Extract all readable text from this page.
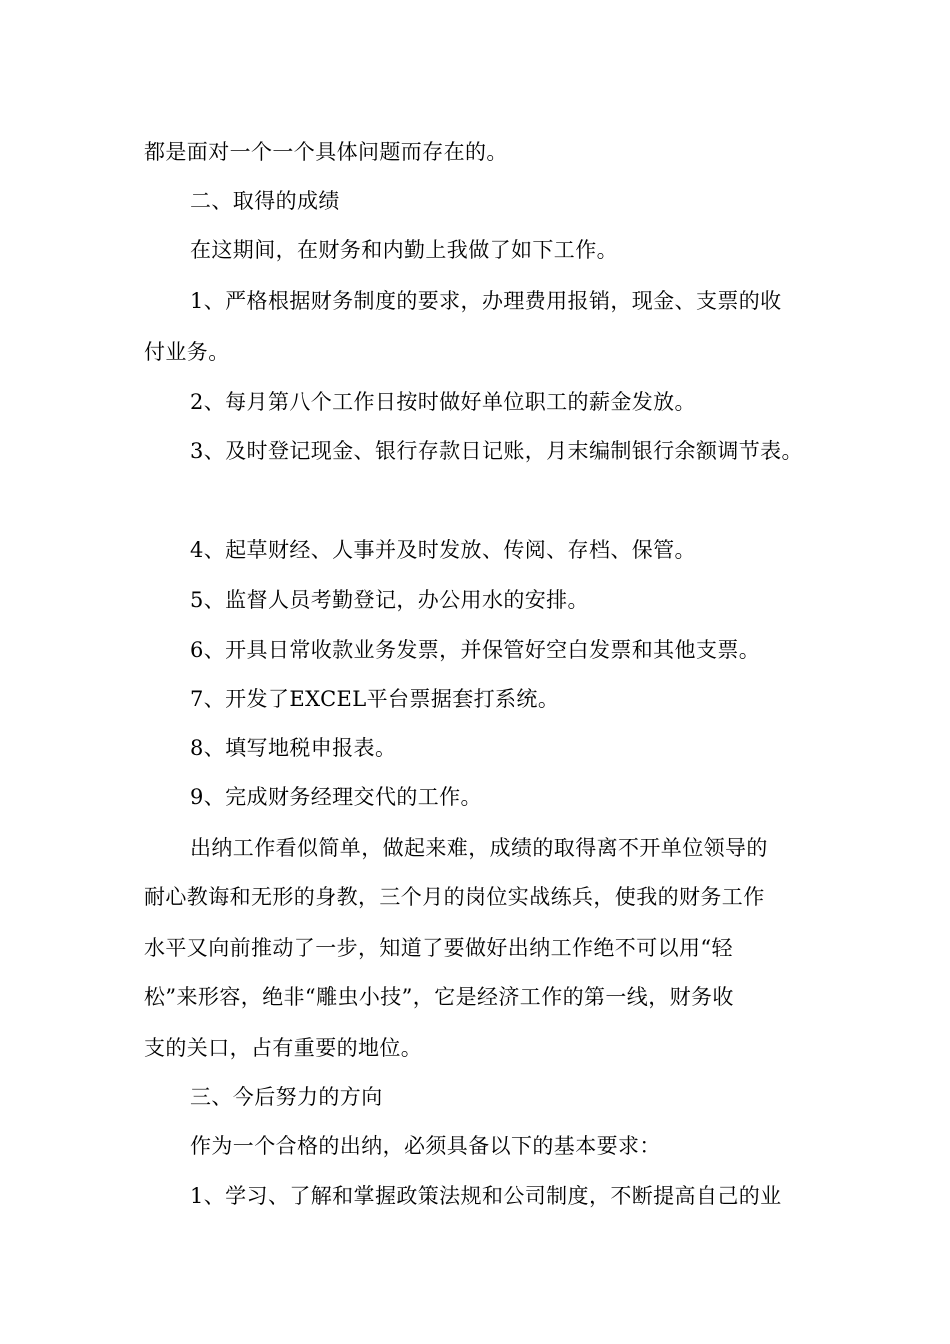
都是面对一个一个具体问题而存在的。
二、取得的成绩
在这期间，在财务和内勤上我做了如下工作。
1、严格根据财务制度的要求，办理费用报销，现金、支票的收
付业务。
2、每月第八个工作日按时做好单位职工的薪金发放。
3、及时登记现金、银行存款日记账，月末编制银行余额调节表。
4、起草财经、人事并及时发放、传阅、存档、保管。
5、监督人员考勤登记，办公用水的安排。
6、开具日常收款业务发票，并保管好空白发票和其他支票。
7、开发了EXCEL平台票据套打系统。
8、填写地税申报表。
9、完成财务经理交代的工作。
出纳工作看似简单，做起来难，成绩的取得离不开单位领导的
耐心教诲和无形的身教，三个月的岗位实战练兵，使我的财务工作
水平又向前推动了一步，知道了要做好出纳工作绝不可以用“轻
松”来形容，绝非“雕虫小技”，它是经济工作的第一线，财务收
支的关口，占有重要的地位。
三、今后努力的方向
作为一个合格的出纳，必须具备以下的基本要求：
1、学习、了解和掌握政策法规和公司制度，不断提高自己的业
